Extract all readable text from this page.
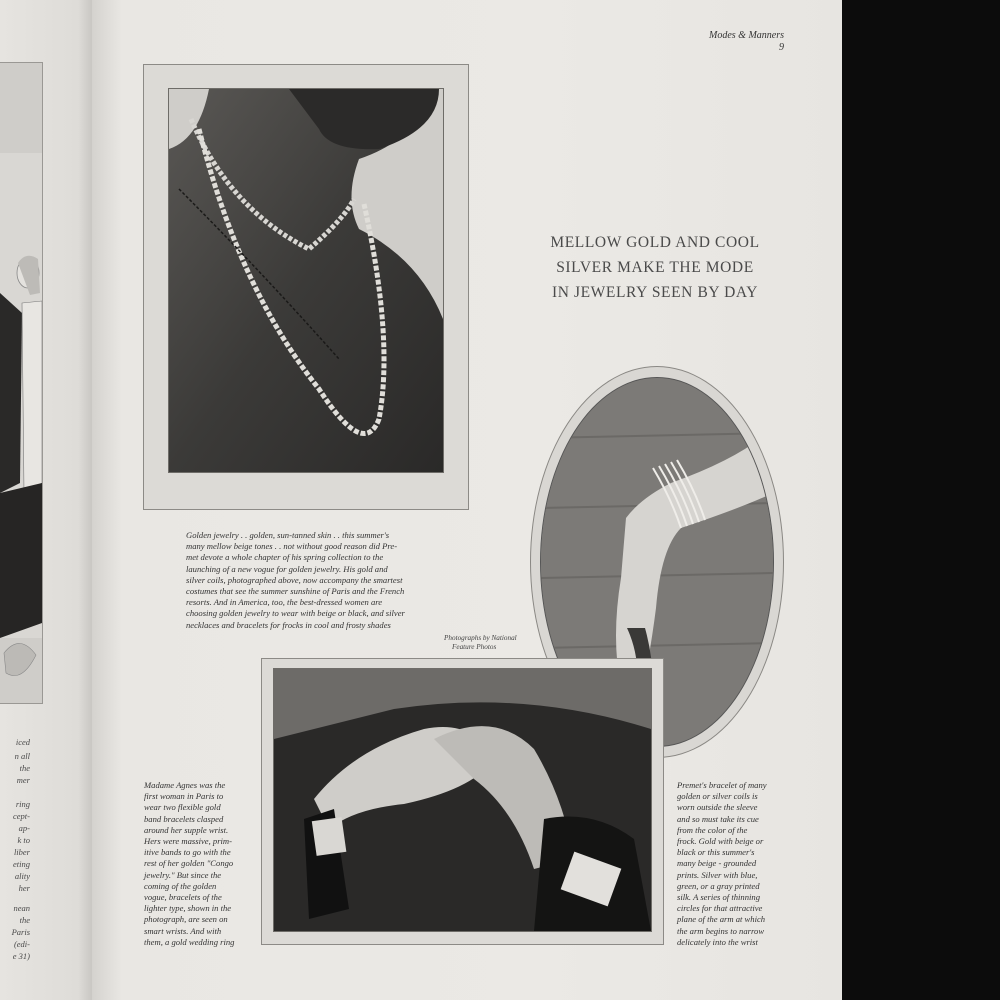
iced
n all
the
mer
ring
cept-
ap-
k to
liber
eting
ality
her
nean
the
Paris
(edi-
e 31)
Modes & Manners
9
MELLOW GOLD AND COOL
SILVER MAKE THE MODE
IN JEWELRY SEEN BY DAY
Golden jewelry . . golden, sun-tanned skin . . this summer's
many mellow beige tones . . not without good reason did Pre-
met devote a whole chapter of his spring collection to the
launching of a new vogue for golden jewelry. His gold and
silver coils, photographed above, now accompany the smartest
costumes that see the summer sunshine of Paris and the French
resorts. And in America, too, the best-dressed women are
choosing golden jewelry to wear with beige or black, and silver
necklaces and bracelets for frocks in cool and frosty shades
Photographs by National
Feature Photos
Madame Agnes was the
first woman in Paris to
wear two flexible gold
band bracelets clasped
around her supple wrist.
Hers were massive, prim-
itive bands to go with the
rest of her golden "Congo
jewelry." But since the
coming of the golden
vogue, bracelets of the
lighter type, shown in the
photograph, are seen on
smart wrists. And with
them, a gold wedding ring
Premet's bracelet of many
golden or silver coils is
worn outside the sleeve
and so must take its cue
from the color of the
frock. Gold with beige or
black or this summer's
many beige - grounded
prints. Silver with blue,
green, or a gray printed
silk. A series of thinning
circles for that attractive
plane of the arm at which
the arm begins to narrow
delicately into the wrist
